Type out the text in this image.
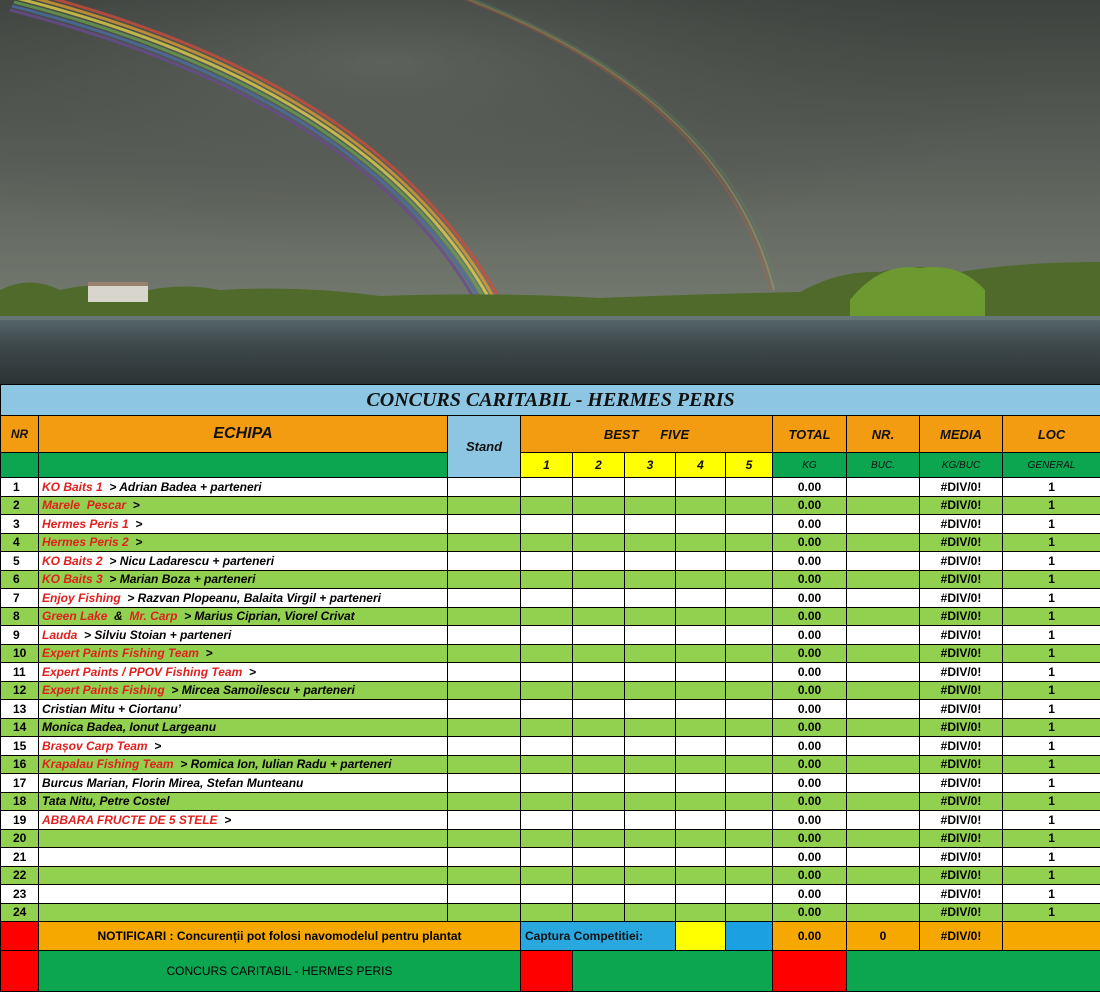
CONCURS CARITABIL - HERMES PERIS											
NR	ECHIPA	Stand	BEST FIVE					TOTAL	NR.	MEDIA	LOC
			1	2	3	4	5	KG	BUC.	KG/BUC	GENERAL
1	KO Baits 1  > Adrian Badea + parteneri							0.00		#DIV/0!	1
2	Marele  Pescar  >							0.00		#DIV/0!	1
3	Hermes Peris 1  >							0.00		#DIV/0!	1
4	Hermes Peris 2  >							0.00		#DIV/0!	1
5	KO Baits 2  > Nicu Ladarescu + parteneri							0.00		#DIV/0!	1
6	KO Baits 3  > Marian Boza + parteneri							0.00		#DIV/0!	1
7	Enjoy Fishing  > Razvan Plopeanu, Balaita Virgil + parteneri							0.00		#DIV/0!	1
8	Green Lake  &  Mr. Carp  > Marius Ciprian, Viorel Crivat							0.00		#DIV/0!	1
9	Lauda  > Silviu Stoian + parteneri							0.00		#DIV/0!	1
10	Expert Paints Fishing Team  >							0.00		#DIV/0!	1
11	Expert Paints / PPOV Fishing Team  >							0.00		#DIV/0!	1
12	Expert Paints Fishing  > Mircea Samoilescu + parteneri							0.00		#DIV/0!	1
13	Cristian Mitu + Ciortanu’							0.00		#DIV/0!	1
14	Monica Badea, Ionut Largeanu							0.00		#DIV/0!	1
15	Brașov Carp Team  >							0.00		#DIV/0!	1
16	Krapalau Fishing Team  > Romica Ion, Iulian Radu + parteneri							0.00		#DIV/0!	1
17	Burcus Marian, Florin Mirea, Stefan Munteanu							0.00		#DIV/0!	1
18	Tata Nitu, Petre Costel							0.00		#DIV/0!	1
19	ABBARA FRUCTE DE 5 STELE  >							0.00		#DIV/0!	1
20								0.00		#DIV/0!	1
21								0.00		#DIV/0!	1
22								0.00		#DIV/0!	1
23								0.00		#DIV/0!	1
24								0.00		#DIV/0!	1
	NOTIFICARI : Concurenții pot folosi navomodelul pentru plantat		Captura Competitiei:					0.00	0	#DIV/0!	
	CONCURS CARITABIL - HERMES PERIS										
